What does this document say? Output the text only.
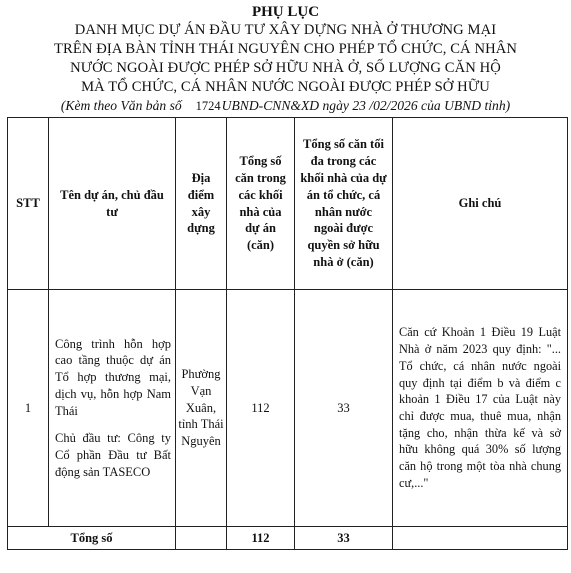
PHỤ LỤC
DANH MỤC DỰ ÁN ĐẦU TƯ XÂY DỰNG NHÀ Ở THƯƠNG MẠI
TRÊN ĐỊA BÀN TỈNH THÁI NGUYÊN CHO PHÉP TỔ CHỨC, CÁ NHÂN
NƯỚC NGOÀI ĐƯỢC PHÉP SỞ HỮU NHÀ Ở, SỐ LƯỢNG CĂN HỘ
MÀ TỔ CHỨC, CÁ NHÂN NƯỚC NGOÀI ĐƯỢC PHÉP SỞ HỮU
(Kèm theo Văn bản số 1724UBND-CNN&XD ngày 23 /02/2026 của UBND tỉnh)
STT	Tên dự án, chủ đầu tư	Địa điểm xây dựng	Tổng số căn trong các khối nhà của dự án (căn)	Tổng số căn tối đa trong các khối nhà của dự án tổ chức, cá nhân nước ngoài được quyền sở hữu nhà ở (căn)	Ghi chú
1	Công trình hỗn hợp cao tầng thuộc dự án Tổ hợp thương mại, dịch vụ, hỗn hợp Nam Thái
Chủ đầu tư: Công ty Cổ phần Đầu tư Bất động sản TASECO	Phường Vạn Xuân, tỉnh Thái Nguyên	112	33	Căn cứ Khoản 1 Điều 19 Luật Nhà ở năm 2023 quy định: "... Tổ chức, cá nhân nước ngoài quy định tại điểm b và điểm c khoản 1 Điều 17 của Luật này chỉ được mua, thuê mua, nhận tặng cho, nhận thừa kế và sở hữu không quá 30% số lượng căn hộ trong một tòa nhà chung cư,..."
Tổng số			112	33	
